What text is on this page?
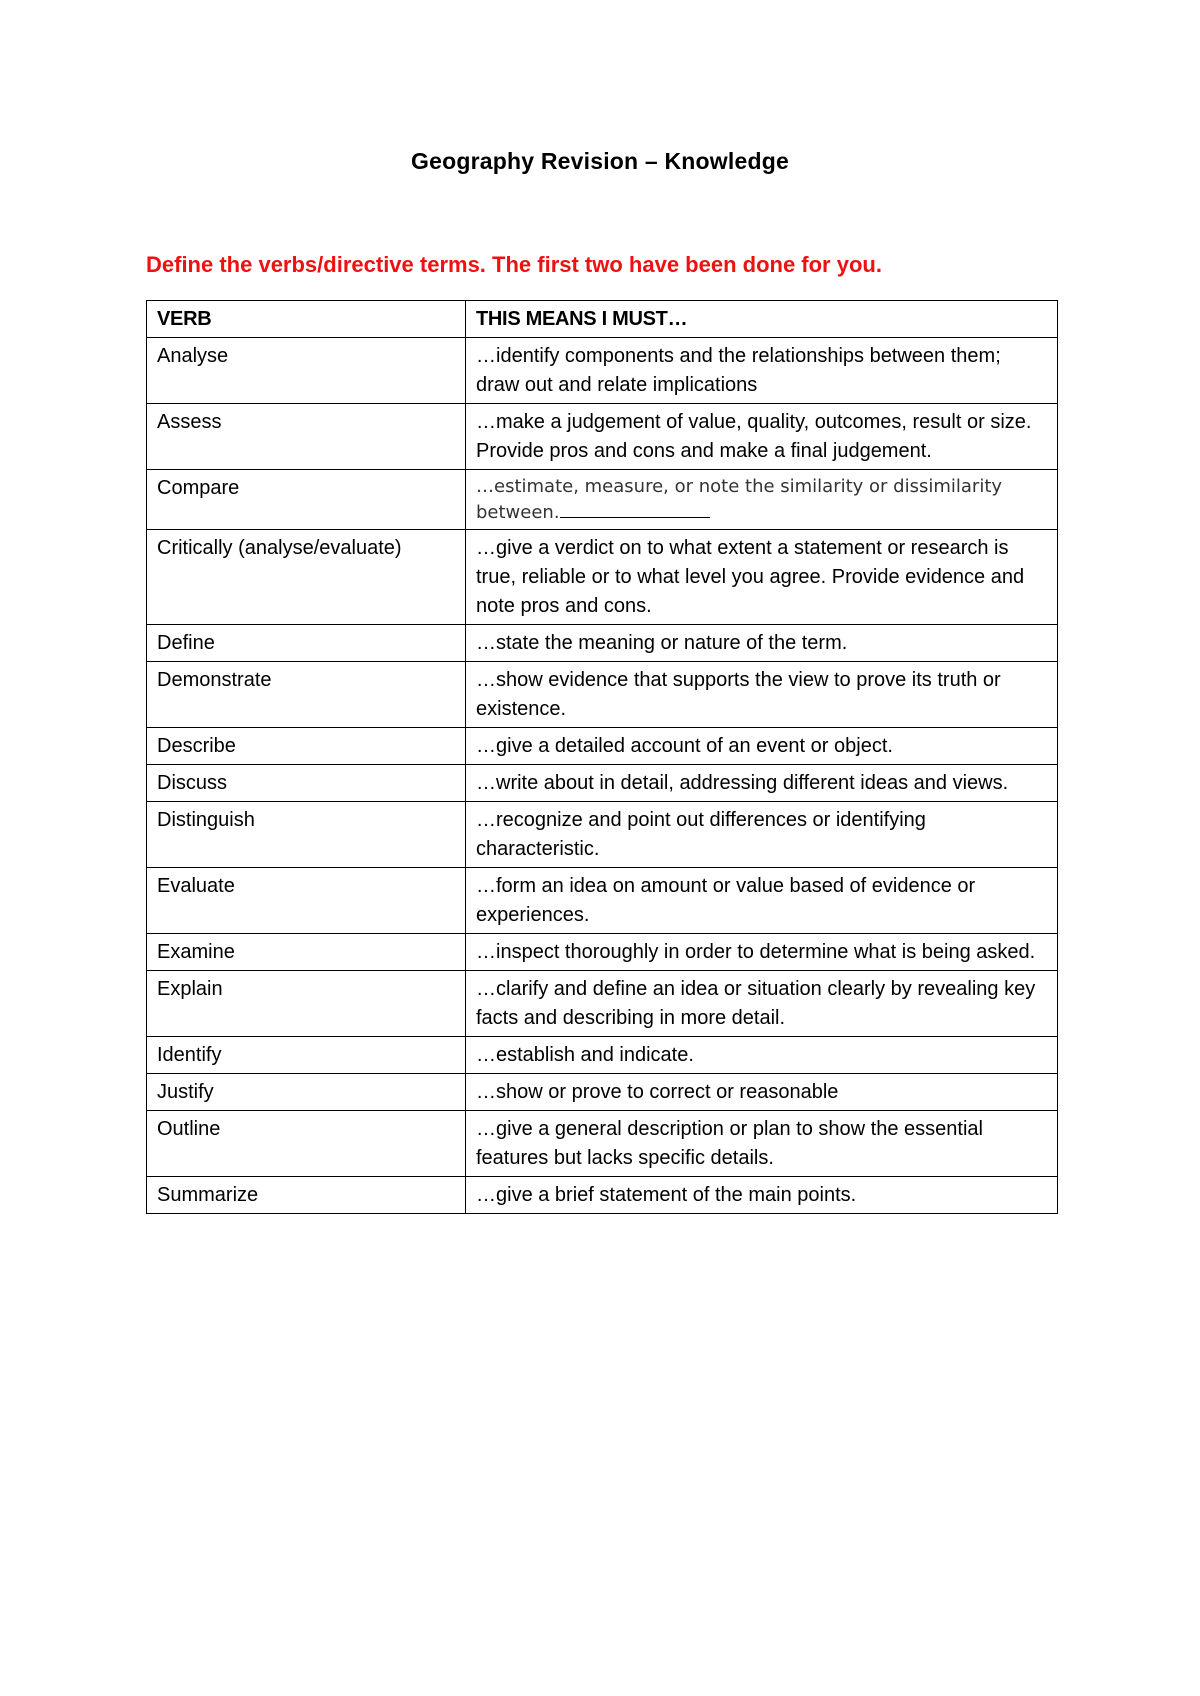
Geography Revision – Knowledge
Define the verbs/directive terms. The first two have been done for you.
VERB	THIS MEANS I MUST…
Analyse	…identify components and the relationships between them; draw out and relate implications
Assess	…make a judgement of value, quality, outcomes, result or size. Provide pros and cons and make a final judgement.
Compare	…estimate, measure, or note the similarity or dissimilarity between.
Critically (analyse/evaluate)	…give a verdict on to what extent a statement or research is true, reliable or to what level you agree. Provide evidence and note pros and cons.
Define	…state the meaning or nature of the term.
Demonstrate	…show evidence that supports the view to prove its truth or existence.
Describe	…give a detailed account of an event or object.
Discuss	…write about in detail, addressing different ideas and views.
Distinguish	…recognize and point out differences or identifying characteristic.
Evaluate	…form an idea on amount or value based of evidence or experiences.
Examine	…inspect thoroughly in order to determine what is being asked.
Explain	…clarify and define an idea or situation clearly by revealing key facts and describing in more detail.
Identify	…establish and indicate.
Justify	…show or prove to correct or reasonable
Outline	…give a general description or plan to show the essential features but lacks specific details.
Summarize	…give a brief statement of the main points.
